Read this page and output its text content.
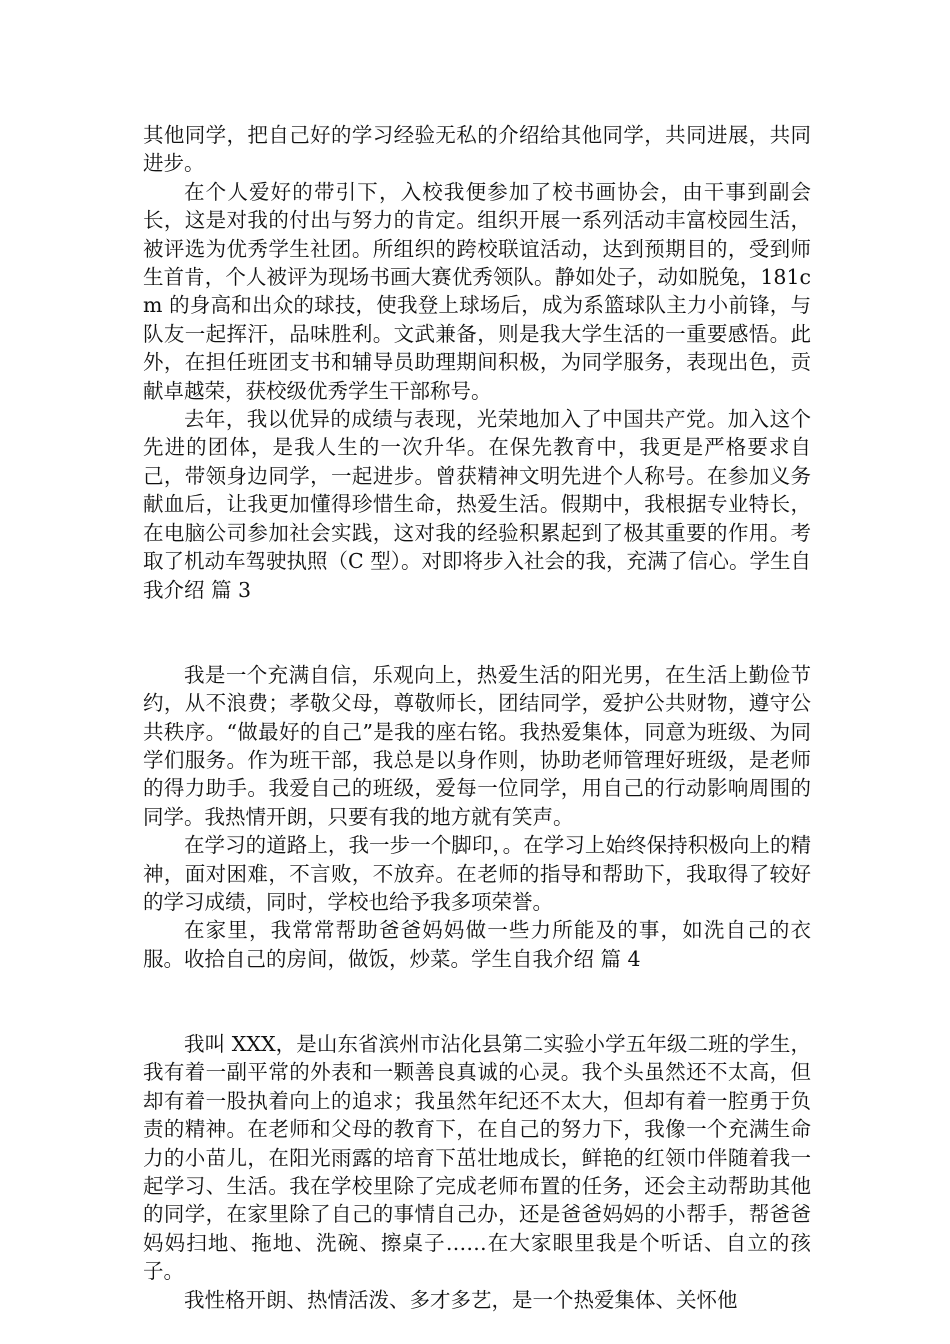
其他同学，把自己好的学习经验无私的介绍给其他同学，共同进展，共同进步。

在个人爱好的带引下，入校我便参加了校书画协会，由干事到副会长，这是对我的付出与努力的肯定。组织开展一系列活动丰富校园生活，被评选为优秀学生社团。所组织的跨校联谊活动，达到预期目的，受到师生首肯，个人被评为现场书画大赛优秀领队。静如处子，动如脱兔，181cm 的身高和出众的球技，使我登上球场后，成为系篮球队主力小前锋，与队友一起挥汗，品味胜利。文武兼备，则是我大学生活的一重要感悟。此外，在担任班团支书和辅导员助理期间积极，为同学服务，表现出色，贡献卓越荣，获校级优秀学生干部称号。

去年，我以优异的成绩与表现，光荣地加入了中国共产党。加入这个先进的团体，是我人生的一次升华。在保先教育中，我更是严格要求自己，带领身边同学，一起进步。曾获精神文明先进个人称号。在参加义务献血后，让我更加懂得珍惜生命，热爱生活。假期中，我根据专业特长，在电脑公司参加社会实践，这对我的经验积累起到了极其重要的作用。考取了机动车驾驶执照（C 型）。对即将步入社会的我，充满了信心。学生自我介绍 篇 3

我是一个充满自信，乐观向上，热爱生活的阳光男，在生活上勤俭节约，从不浪费；孝敬父母，尊敬师长，团结同学，爱护公共财物，遵守公共秩序。“做最好的自己”是我的座右铭。我热爱集体，同意为班级、为同学们服务。作为班干部，我总是以身作则，协助老师管理好班级，是老师的得力助手。我爱自己的班级，爱每一位同学，用自己的行动影响周围的同学。我热情开朗，只要有我的地方就有笑声。

在学习的道路上，我一步一个脚印，。在学习上始终保持积极向上的精神，面对困难，不言败，不放弃。在老师的指导和帮助下，我取得了较好的学习成绩，同时，学校也给予我多项荣誉。

在家里，我常常帮助爸爸妈妈做一些力所能及的事，如洗自己的衣服。收拾自己的房间，做饭，炒菜。学生自我介绍 篇 4

我叫 XXX，是山东省滨州市沾化县第二实验小学五年级二班的学生，我有着一副平常的外表和一颗善良真诚的心灵。我个头虽然还不太高，但却有着一股执着向上的追求；我虽然年纪还不太大，但却有着一腔勇于负责的精神。在老师和父母的教育下，在自己的努力下，我像一个充满生命力的小苗儿，在阳光雨露的培育下茁壮地成长，鲜艳的红领巾伴随着我一起学习、生活。我在学校里除了完成老师布置的任务，还会主动帮助其他的同学，在家里除了自己的事情自己办，还是爸爸妈妈的小帮手，帮爸爸妈妈扫地、拖地、洗碗、擦桌子……在大家眼里我是个听话、自立的孩子。

我性格开朗、热情活泼、多才多艺，是一个热爱集体、关怀他
